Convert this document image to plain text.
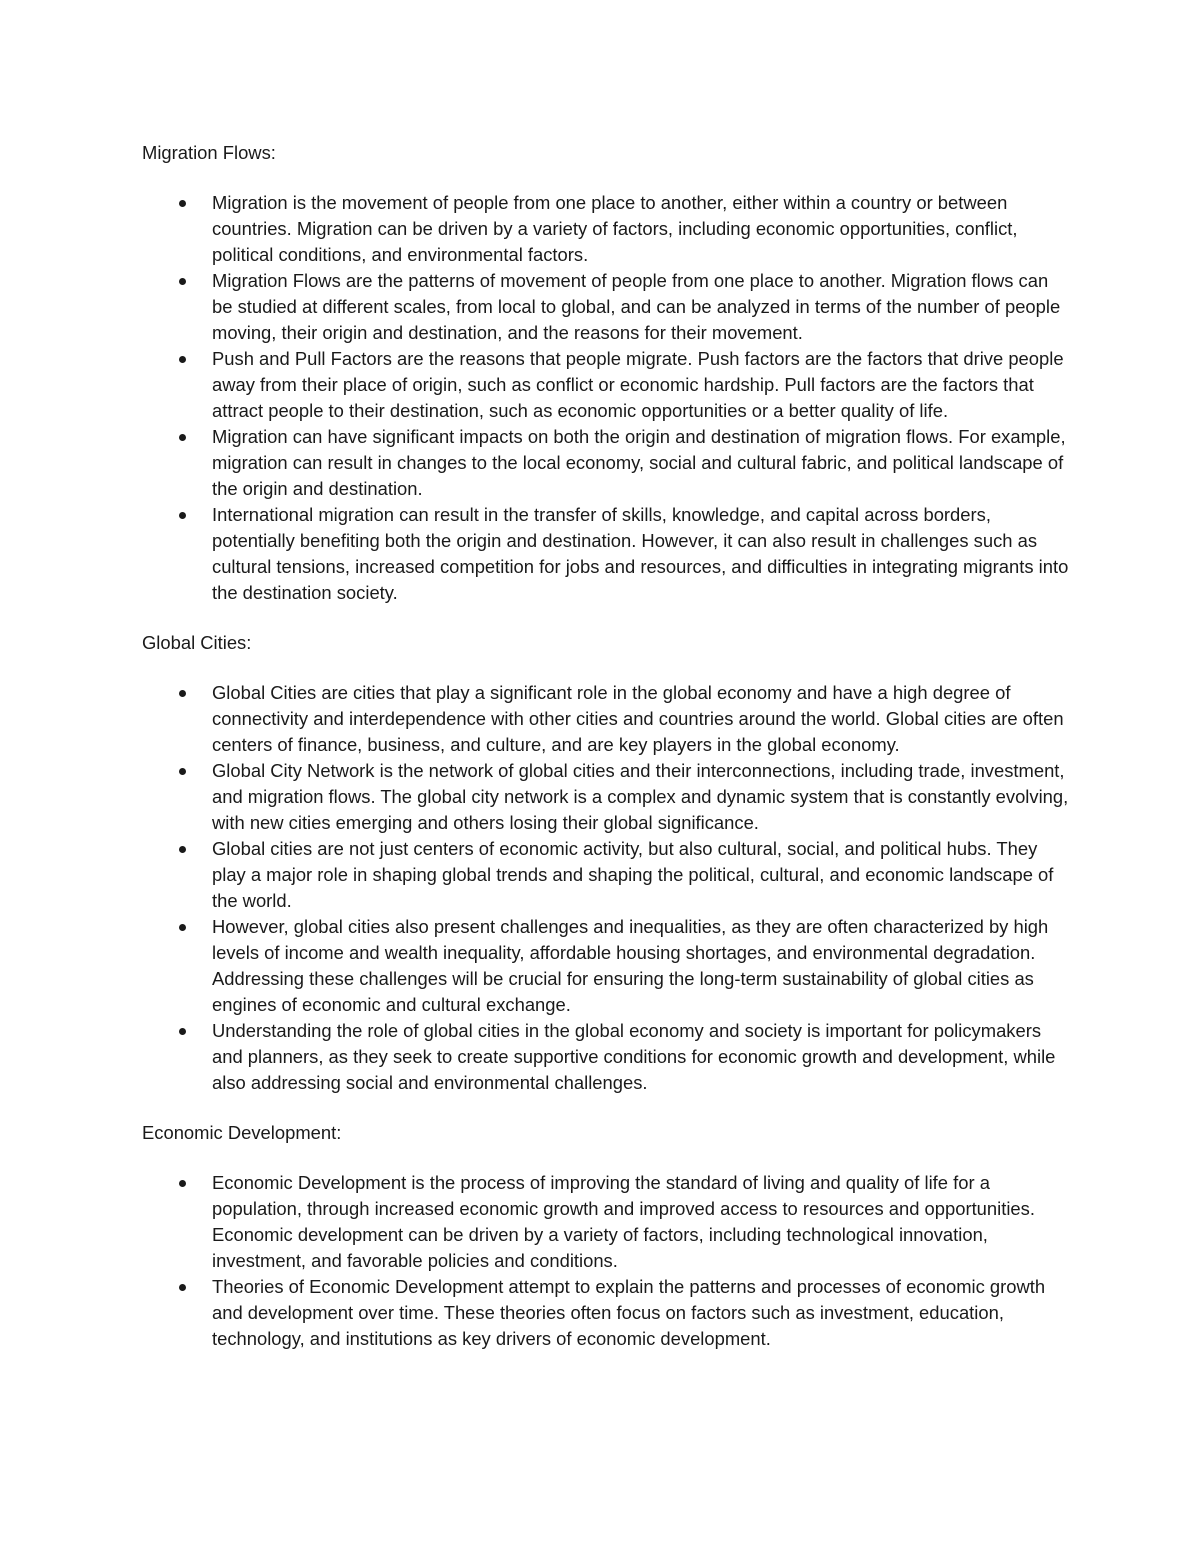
Migration Flows:

Migration is the movement of people from one place to another, either within a country or between countries. Migration can be driven by a variety of factors, including economic opportunities, conflict, political conditions, and environmental factors.
Migration Flows are the patterns of movement of people from one place to another. Migration flows can be studied at different scales, from local to global, and can be analyzed in terms of the number of people moving, their origin and destination, and the reasons for their movement.
Push and Pull Factors are the reasons that people migrate. Push factors are the factors that drive people away from their place of origin, such as conflict or economic hardship. Pull factors are the factors that attract people to their destination, such as economic opportunities or a better quality of life.
Migration can have significant impacts on both the origin and destination of migration flows. For example, migration can result in changes to the local economy, social and cultural fabric, and political landscape of the origin and destination.
International migration can result in the transfer of skills, knowledge, and capital across borders, potentially benefiting both the origin and destination. However, it can also result in challenges such as cultural tensions, increased competition for jobs and resources, and difficulties in integrating migrants into the destination society.

Global Cities:

Global Cities are cities that play a significant role in the global economy and have a high degree of connectivity and interdependence with other cities and countries around the world. Global cities are often centers of finance, business, and culture, and are key players in the global economy.
Global City Network is the network of global cities and their interconnections, including trade, investment, and migration flows. The global city network is a complex and dynamic system that is constantly evolving, with new cities emerging and others losing their global significance.
Global cities are not just centers of economic activity, but also cultural, social, and political hubs. They play a major role in shaping global trends and shaping the political, cultural, and economic landscape of the world.
However, global cities also present challenges and inequalities, as they are often characterized by high levels of income and wealth inequality, affordable housing shortages, and environmental degradation. Addressing these challenges will be crucial for ensuring the long-term sustainability of global cities as engines of economic and cultural exchange.
Understanding the role of global cities in the global economy and society is important for policymakers and planners, as they seek to create supportive conditions for economic growth and development, while also addressing social and environmental challenges.

Economic Development:

Economic Development is the process of improving the standard of living and quality of life for a population, through increased economic growth and improved access to resources and opportunities. Economic development can be driven by a variety of factors, including technological innovation, investment, and favorable policies and conditions.
Theories of Economic Development attempt to explain the patterns and processes of economic growth and development over time. These theories often focus on factors such as investment, education, technology, and institutions as key drivers of economic development.
